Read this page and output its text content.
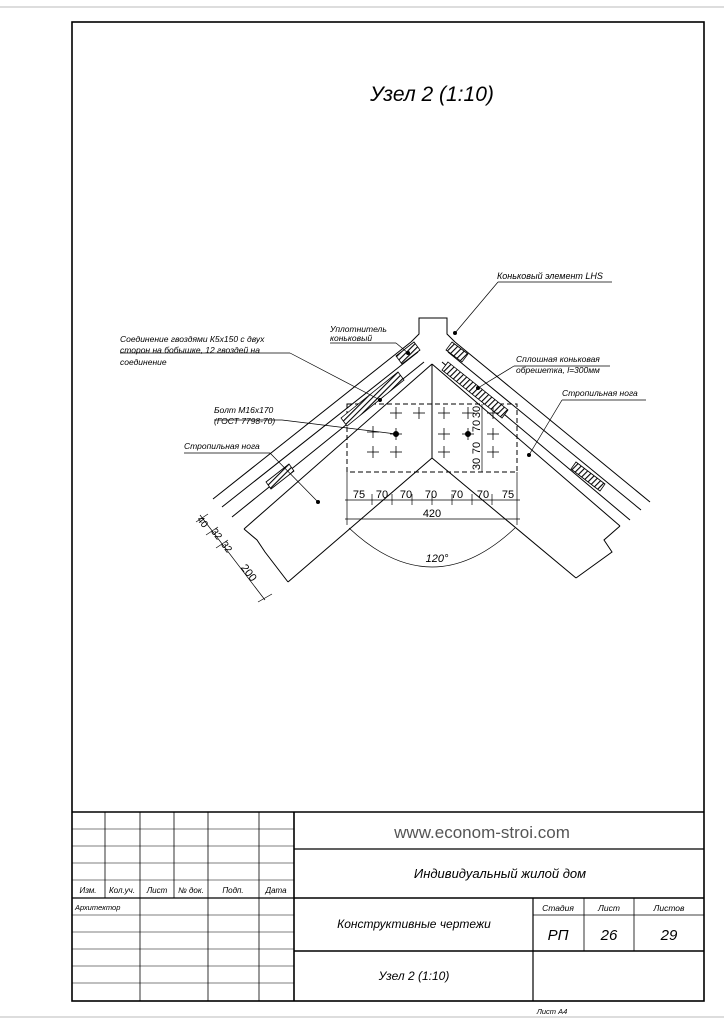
Узел 2 (1:10)
Коньковый элемент LHS
Уплотнитель
коньковый
Соединение гвоздями К5х150 с двух
сторон на бобышке, 12 гвоздей на
соединение	Сплошная коньковая
обрешетка, l=300мм
Стропильная нога
Болт М16х170
(ГОСТ 7798-70)
Стропильная нога
75 70 70 70 70 70 75
420
30
70
70
30
120°
40
32
32
200
www.econom-stroi.com
Индивидуальный жилой дом
Изм. Кол.уч. Лист № док. Подп.	Дата
Архитектор
Конструктивные чертежи
Узел 2 (1:10)
Стадия	Лист	Листов
РП 26	29
Лист А4
